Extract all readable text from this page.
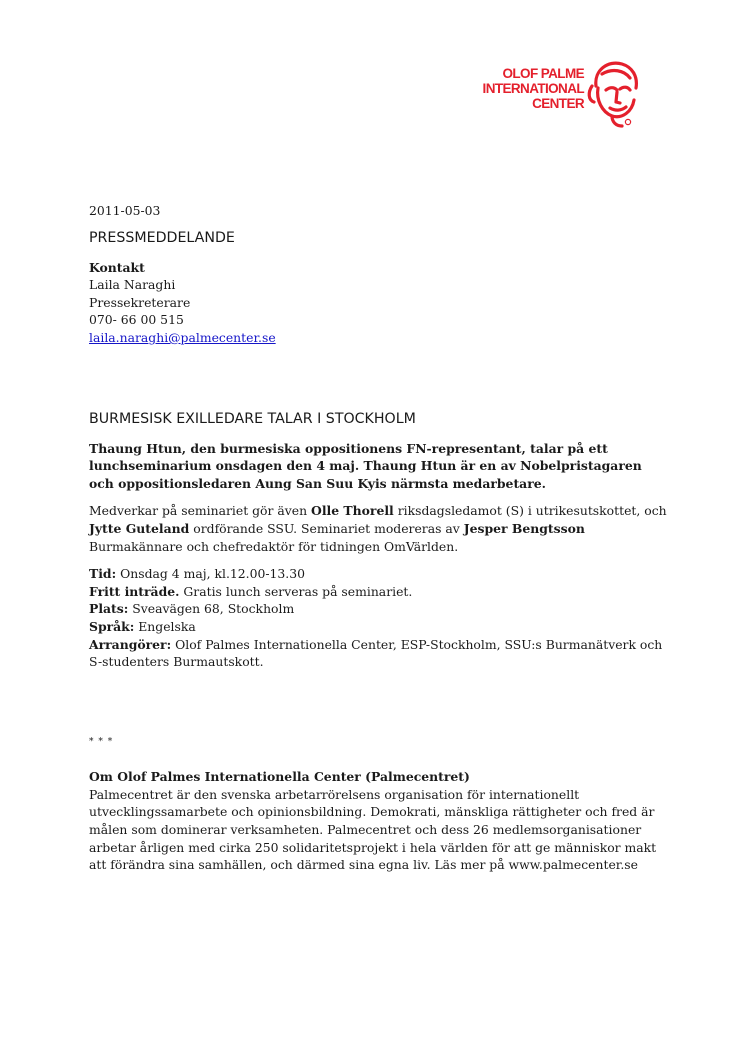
OLOF PALME
INTERNATIONAL
CENTER
2011-05-03
PRESSMEDDELANDE
Kontakt
Laila Naraghi
Pressekreterare
070- 66 00 515
laila.naraghi@palmecenter.se
BURMESISK EXILLEDARE TALAR I STOCKHOLM

Thaung Htun, den burmesiska oppositionens FN-representant, talar på ett lunchseminarium onsdagen den 4 maj. Thaung Htun är en av Nobelpristagaren och oppositionsledaren Aung San Suu Kyis närmsta medarbetare.

Medverkar på seminariet gör även Olle Thorell riksdagsledamot (S) i utrikesutskottet, och Jytte Guteland ordförande SSU. Seminariet modereras av Jesper Bengtsson Burmakännare och chefredaktör för tidningen OmVärlden.

Tid: Onsdag 4 maj, kl.12.00-13.30
Fritt inträde. Gratis lunch serveras på seminariet.
Plats: Sveavägen 68, Stockholm
Språk: Engelska
Arrangörer: Olof Palmes Internationella Center, ESP-Stockholm, SSU:s Burmanätverk och S-studenters Burmautskott.
* * *
Om Olof Palmes Internationella Center (Palmecentret)
Palmecentret är den svenska arbetarrörelsens organisation för internationellt utvecklingssamarbete och opinionsbildning. Demokrati, mänskliga rättigheter och fred är målen som dominerar verksamheten. Palmecentret och dess 26 medlemsorganisationer arbetar årligen med cirka 250 solidaritetsprojekt i hela världen för att ge människor makt att förändra sina samhällen, och därmed sina egna liv. Läs mer på www.palmecenter.se
